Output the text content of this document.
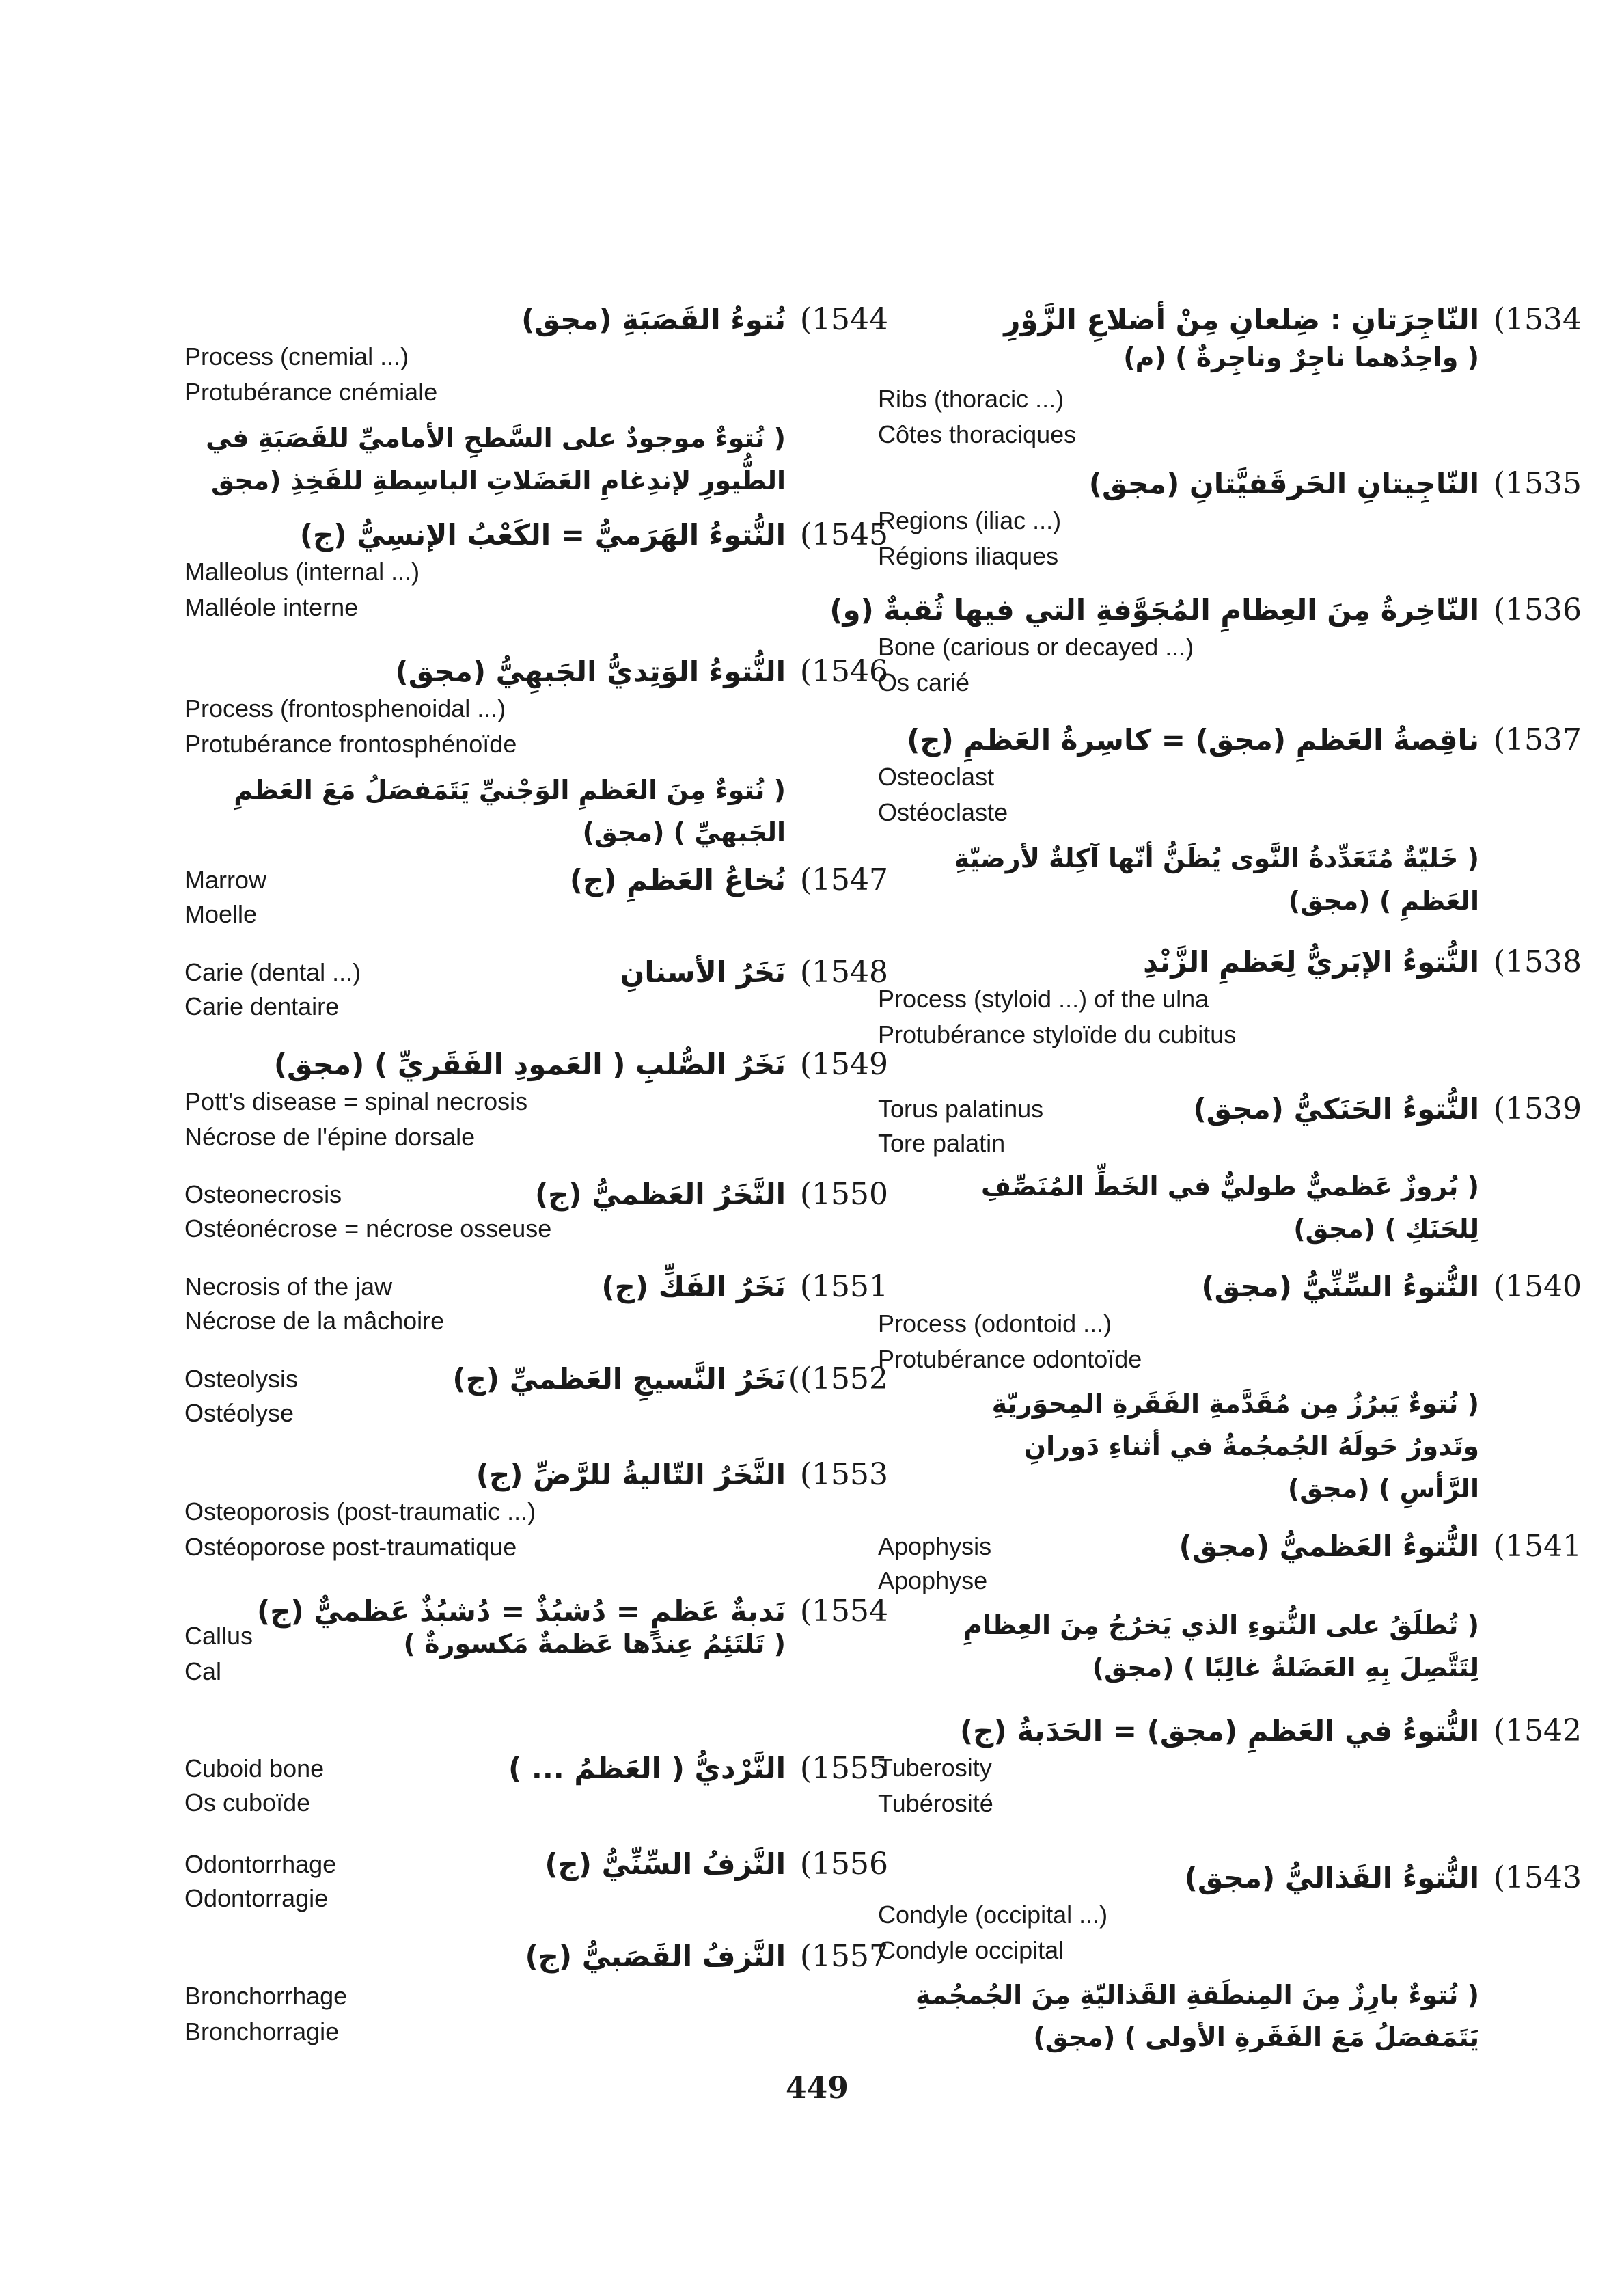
(1544
نُتوءُ القَصَبَةِ (مجق)
Process (cnemial ...)
Protubérance cnémiale
( نُتوءٌ موجودٌ على السَّطحِ الأماميِّ للقَصَبَةِ في
الطُّيورِ لإندِغامِ العَضَلاتِ الباسِطةِ للفَخِذِ (مجق
(1545
النُّتوءُ الهَرَميُّ = الكَعْبُ الإنسِيُّ (ج)
Malleolus (internal ...)
Malléole interne
(1546
النُّتوءُ الوَتِديُّ الجَبهِيُّ (مجق)
Process (frontosphenoidal ...)
Protubérance frontosphénoïde
( نُتوءٌ مِنَ العَظمِ الوَجْنيِّ يَتَمَفصَلُ مَعَ العَظمِ
الجَبهيِّ ) (مجق)
(1547
نُخاعُ العَظمِ (ج)
Marrow
Moelle
(1548
نَخَرُ الأسنانِ
Carie (dental ...)
Carie dentaire
(1549
نَخَرُ الصُّلبِ ( العَمودِ الفَقَريِّ ) (مجق)
Pott's disease = spinal necrosis
Nécrose de l'épine dorsale
(1550
النَّخَرُ العَظميُّ (ج)
Osteonecrosis
Ostéonécrose = nécrose osseuse
(1551
نَخَرُ الفَكِّ (ج)
Necrosis of the jaw
Nécrose de la mâchoire
((1552
نَخَرُ النَّسيجِ العَظميِّ (ج)
Osteolysis
Ostéolyse
(1553
النَّخَرُ التّاليةُ للرَّضِّ (ج)
Osteoporosis (post-traumatic ...)
Ostéoporose post-traumatique
(1554
نَدبةٌ عَظمٍ = دُشبُذٌ = دُشبُذٌ عَظميٌّ (ج)
Callus
Cal
( تَلتَئِمُ عِندَها عَظمةٌ مَكسورةٌ )
(1555
النَّرْديُّ ( العَظمُ ... )
Cuboid bone
Os cuboïde
(1556
النَّزفُ السِّنِّيُّ (ج)
Odontorrhage
Odontorragie
(1557
النَّزفُ القَصَبيُّ (ج)
Bronchorrhage
Bronchorragie
(1534
النّاجِرَتانِ : ضِلعانِ مِنْ أضلاعِ الزَّوْرِ
( واحِدُهما ناجِرٌ وناجِرةٌ ) (م)
Ribs (thoracic ...)
Côtes thoraciques
(1535
النّاجِيتانِ الحَرقَفيَّتانِ (مجق)
Regions (iliac ...)
Régions iliaques
(1536
النّاخِرةُ مِنَ العِظامِ المُجَوَّفةِ التي فيها ثُقبةٌ (و)
Bone (carious or decayed ...)
Os carié
(1537
ناقِصةُ العَظمِ (مجق) = كاسِرةُ العَظمِ (ج)
Osteoclast
Ostéoclaste
( خَليّةٌ مُتَعَدِّدةُ النَّوى يُظَنُّ أنّها آكِلةٌ لأرضيّةِ
العَظمِ ) (مجق)
(1538
النُّتوءُ الإبَريُّ لِعَظمِ الزَّنْدِ
Process (styloid ...) of the ulna
Protubérance styloïde du cubitus
(1539
النُّتوءُ الحَنَكيُّ (مجق)
Torus palatinus
Tore palatin
( بُروزٌ عَظميٌّ طوليٌّ في الخَطِّ المُنَصِّفِ
لِلحَنَكِ ) (مجق)
(1540
النُّتوءُ السِّنِّيُّ (مجق)
Process (odontoid ...)
Protubérance odontoïde
( نُتوءٌ يَبرُزُ مِن مُقَدَّمةِ الفَقَرةِ المِحوَريّةِ
وتَدورُ حَولَهُ الجُمجُمةُ في أثناءِ دَورانِ
الرَّأسِ ) (مجق)
(1541
النُّتوءُ العَظميُّ (مجق)
Apophysis
Apophyse
( تُطلَقُ على النُّتوءِ الذي يَخرُجُ مِنَ العِظامِ
لِتَتَّصِلَ بِهِ العَضَلةُ غالِبًا ) (مجق)
(1542
النُّتوءُ في العَظمِ (مجق) = الحَدَبةُ (ج)
Tuberosity
Tubérosité
(1543
النُّتوءُ القَذاليُّ (مجق)
Condyle (occipital ...)
Condyle occipital
( نُتوءٌ بارِزٌ مِنَ المِنطَقةِ القَذاليّةِ مِنَ الجُمجُمةِ
يَتَمَفصَلُ مَعَ الفَقَرةِ الأولى ) (مجق)
449
